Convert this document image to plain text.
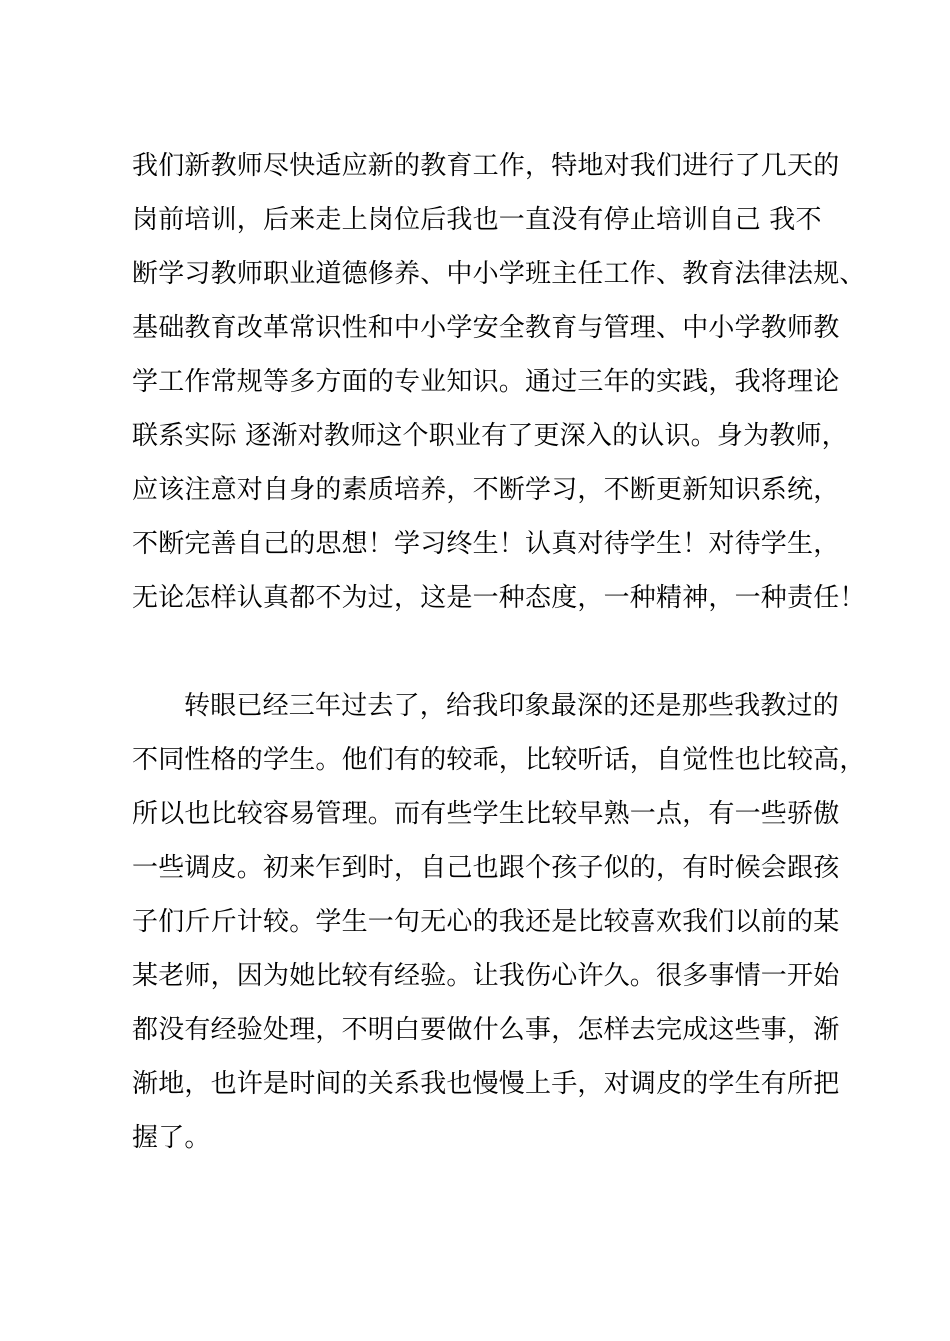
我们新教师尽快适应新的教育工作，特地对我们进行了几天的
岗前培训，后来走上岗位后我也一直没有停止培训自己 我不
断学习教师职业道德修养、中小学班主任工作、教育法律法规、
基础教育改革常识性和中小学安全教育与管理、中小学教师教
学工作常规等多方面的专业知识。通过三年的实践，我将理论
联系实际 逐渐对教师这个职业有了更深入的认识。身为教师，
应该注意对自身的素质培养，不断学习，不断更新知识系统，
不断完善自己的思想！学习终生！认真对待学生！对待学生，
无论怎样认真都不为过，这是一种态度，一种精神，一种责任！
转眼已经三年过去了，给我印象最深的还是那些我教过的
不同性格的学生。他们有的较乖，比较听话，自觉性也比较高，
所以也比较容易管理。而有些学生比较早熟一点，有一些骄傲
一些调皮。初来乍到时，自己也跟个孩子似的，有时候会跟孩
子们斤斤计较。学生一句无心的我还是比较喜欢我们以前的某
某老师，因为她比较有经验。让我伤心许久。很多事情一开始
都没有经验处理，不明白要做什么事，怎样去完成这些事，渐
渐地，也许是时间的关系我也慢慢上手，对调皮的学生有所把
握了。
